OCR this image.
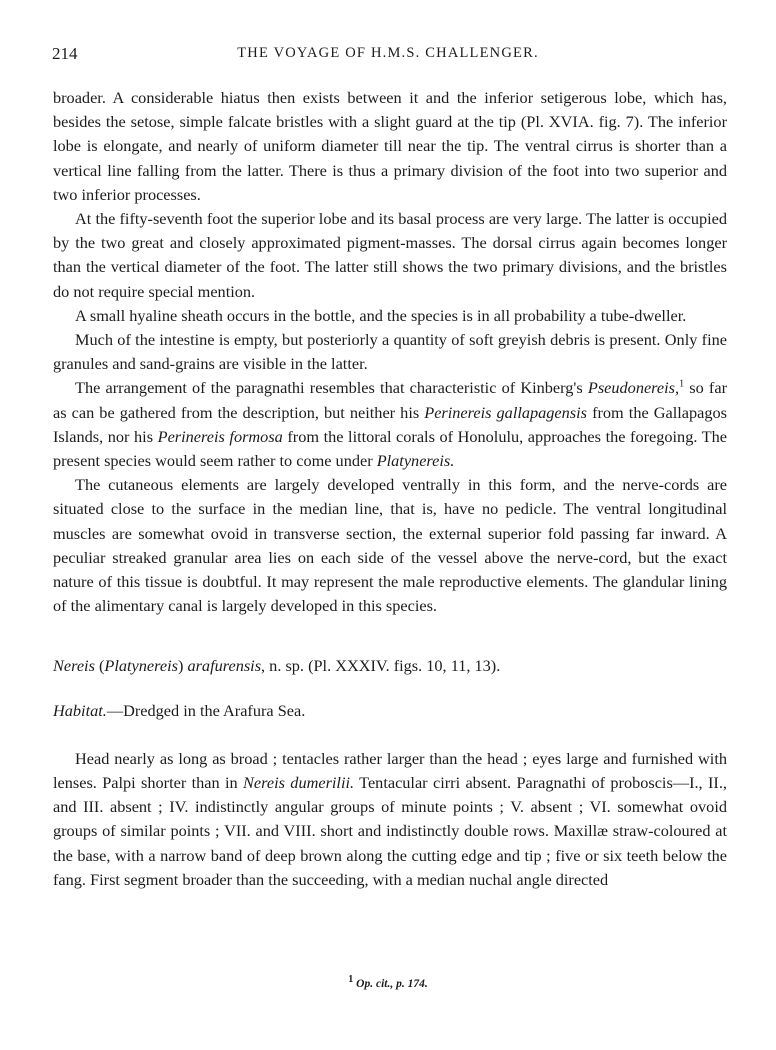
214	THE VOYAGE OF H.M.S. CHALLENGER.

broader. A considerable hiatus then exists between it and the inferior setigerous lobe, which has, besides the setose, simple falcate bristles with a slight guard at the tip (Pl. XVIA. fig. 7). The inferior lobe is elongate, and nearly of uniform diameter till near the tip. The ventral cirrus is shorter than a vertical line falling from the latter. There is thus a primary division of the foot into two superior and two inferior processes.

At the fifty-seventh foot the superior lobe and its basal process are very large. The latter is occupied by the two great and closely approximated pigment-masses. The dorsal cirrus again becomes longer than the vertical diameter of the foot. The latter still shows the two primary divisions, and the bristles do not require special mention.

A small hyaline sheath occurs in the bottle, and the species is in all probability a tube-dweller.

Much of the intestine is empty, but posteriorly a quantity of soft greyish debris is present. Only fine granules and sand-grains are visible in the latter.

The arrangement of the paragnathi resembles that characteristic of Kinberg's Pseudonereis,$^1$ so far as can be gathered from the description, but neither his Perinereis gallapagensis from the Gallapagos Islands, nor his Perinereis formosa from the littoral corals of Honolulu, approaches the foregoing. The present species would seem rather to come under Platynereis.

The cutaneous elements are largely developed ventrally in this form, and the nerve-cords are situated close to the surface in the median line, that is, have no pedicle. The ventral longitudinal muscles are somewhat ovoid in transverse section, the external superior fold passing far inward. A peculiar streaked granular area lies on each side of the vessel above the nerve-cord, but the exact nature of this tissue is doubtful. It may represent the male reproductive elements. The glandular lining of the alimentary canal is largely developed in this species.

Nereis (Platynereis) arafurensis, n. sp. (Pl. XXXIV. figs. 10, 11, 13).

Habitat.—Dredged in the Arafura Sea.

Head nearly as long as broad ; tentacles rather larger than the head ; eyes large and furnished with lenses. Palpi shorter than in Nereis dumerilii. Tentacular cirri absent. Paragnathi of proboscis—I., II., and III. absent ; IV. indistinctly angular groups of minute points ; V. absent ; VI. somewhat ovoid groups of similar points ; VII. and VIII. short and indistinctly double rows. Maxillæ straw-coloured at the base, with a narrow band of deep brown along the cutting edge and tip ; five or six teeth below the fang. First segment broader than the succeeding, with a median nuchal angle directed

$^1$ Op. cit., p. 174.
